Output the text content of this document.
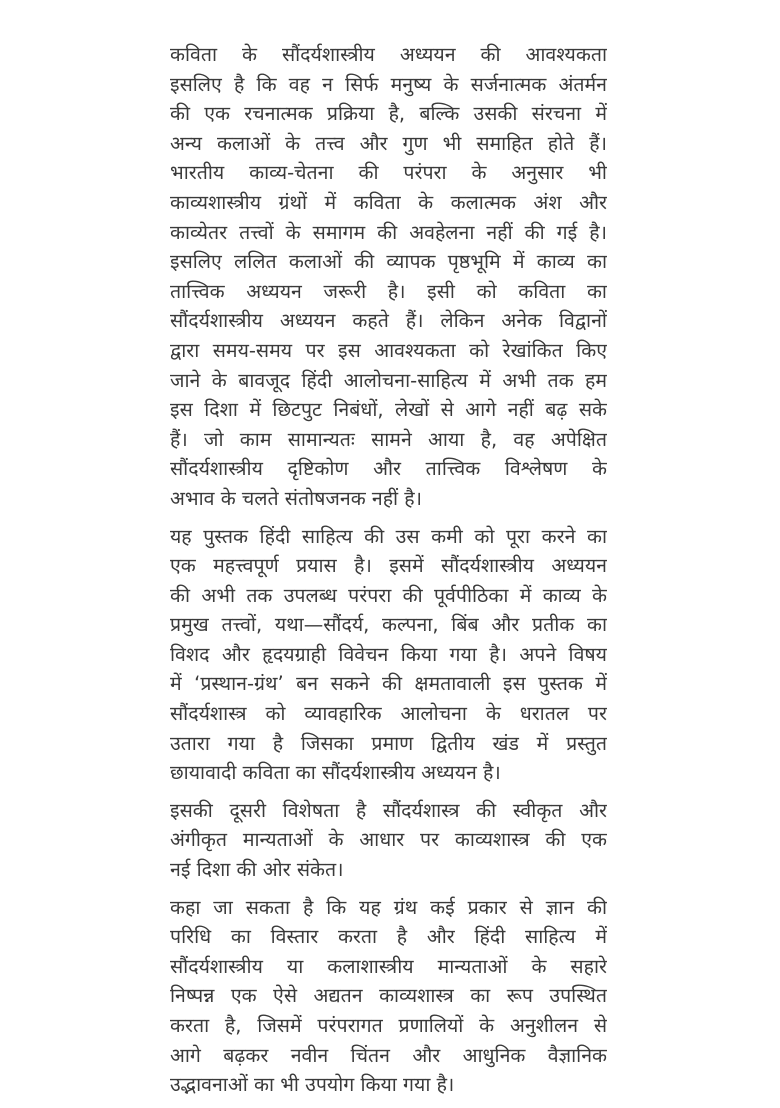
कविता के सौंदर्यशास्त्रीय अध्ययन की आवश्यकता
इसलिए है कि वह न सिर्फ मनुष्य के सर्जनात्मक अंतर्मन
की एक रचनात्मक प्रक्रिया है, बल्कि उसकी संरचना में
अन्य कलाओं के तत्त्व और गुण भी समाहित होते हैं।
भारतीय काव्य-चेतना की परंपरा के अनुसार भी
काव्यशास्त्रीय ग्रंथों में कविता के कलात्मक अंश और
काव्येतर तत्त्वों के समागम की अवहेलना नहीं की गई है।
इसलिए ललित कलाओं की व्यापक पृष्ठभूमि में काव्य का
तात्त्विक अध्ययन जरूरी है। इसी को कविता का
सौंदर्यशास्त्रीय अध्ययन कहते हैं। लेकिन अनेक विद्वानों
द्वारा समय-समय पर इस आवश्यकता को रेखांकित किए
जाने के बावजूद हिंदी आलोचना-साहित्य में अभी तक हम
इस दिशा में छिटपुट निबंधों, लेखों से आगे नहीं बढ़ सके
हैं। जो काम सामान्यतः सामने आया है, वह अपेक्षित
सौंदर्यशास्त्रीय दृष्टिकोण और तात्त्विक विश्लेषण के
अभाव के चलते संतोषजनक नहीं है।
यह पुस्तक हिंदी साहित्य की उस कमी को पूरा करने का
एक महत्त्वपूर्ण प्रयास है। इसमें सौंदर्यशास्त्रीय अध्ययन
की अभी तक उपलब्ध परंपरा की पूर्वपीठिका में काव्य के
प्रमुख तत्त्वों, यथा—सौंदर्य, कल्पना, बिंब और प्रतीक का
विशद और हृदयग्राही विवेचन किया गया है। अपने विषय
में ‘प्रस्थान-ग्रंथ’ बन सकने की क्षमतावाली इस पुस्तक में
सौंदर्यशास्त्र को व्यावहारिक आलोचना के धरातल पर
उतारा गया है जिसका प्रमाण द्वितीय खंड में प्रस्तुत
छायावादी कविता का सौंदर्यशास्त्रीय अध्ययन है।
इसकी दूसरी विशेषता है सौंदर्यशास्त्र की स्वीकृत और
अंगीकृत मान्यताओं के आधार पर काव्यशास्त्र की एक
नई दिशा की ओर संकेत।
कहा जा सकता है कि यह ग्रंथ कई प्रकार से ज्ञान की
परिधि का विस्तार करता है और हिंदी साहित्य में
सौंदर्यशास्त्रीय या कलाशास्त्रीय मान्यताओं के सहारे
निष्पन्न एक ऐसे अद्यतन काव्यशास्त्र का रूप उपस्थित
करता है, जिसमें परंपरागत प्रणालियों के अनुशीलन से
आगे बढ़कर नवीन चिंतन और आधुनिक वैज्ञानिक
उद्भावनाओं का भी उपयोग किया गया है।
